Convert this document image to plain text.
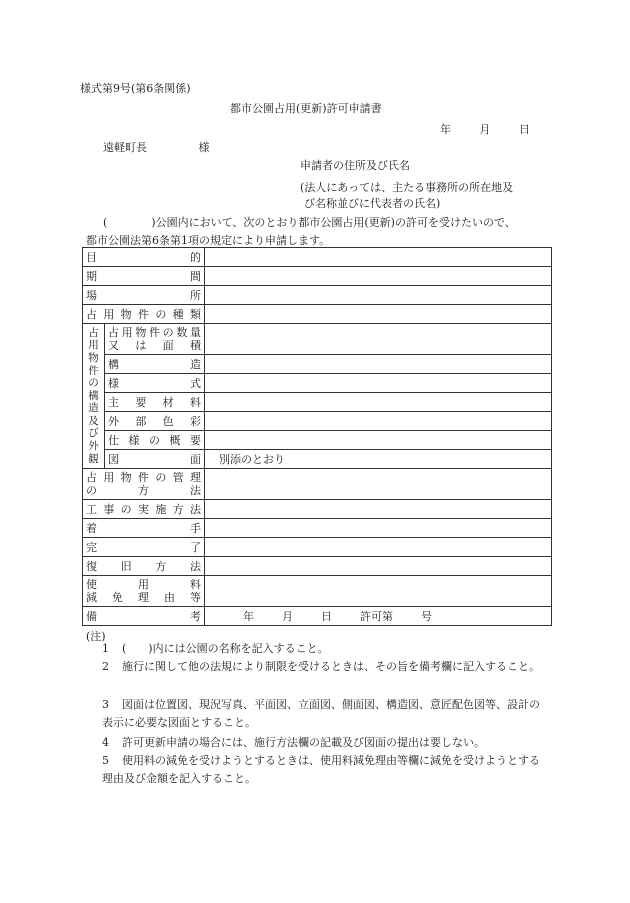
様式第9号(第6条関係)
都市公園占用(更新)許可申請書
年	月	日
遠軽町長	様
申請者の住所及び氏名
(法人にあっては、主たる事務所の所在地及
び名称並びに代表者の氏名)
(　　　　)公園内において、次のとおり都市公園占用(更新)の許可を受けたいので、
都市公園法第6条第1項の規定により申請します。
目的		
期間		
場所		
占用物件の種類		

占用物件の構造及び外観	占用物件の数量
又は面積	

	構造	
	様式	
	主要材料	
	外部色彩	
	仕様の概要	
	図面	別添のとおり

占用物件の管理
の方法		

工事の実施方法		
着手		
完了		
復旧方法		

使用料
減免理由等		

備考		年 月 日 許可第 号
(注)
1 (　　)内には公園の名称を記入すること。
2 施行に関して他の法規により制限を受けるときは、その旨を備考欄に記入すること。
3 図面は位置図、現況写真、平面図、立面図、側面図、構造図、意匠配色図等、設計の表示に必要な図面とすること。
4 許可更新申請の場合には、施行方法欄の記載及び図面の提出は要しない。
5 使用料の減免を受けようとするときは、使用料減免理由等欄に減免を受けようとする理由及び金額を記入すること。
